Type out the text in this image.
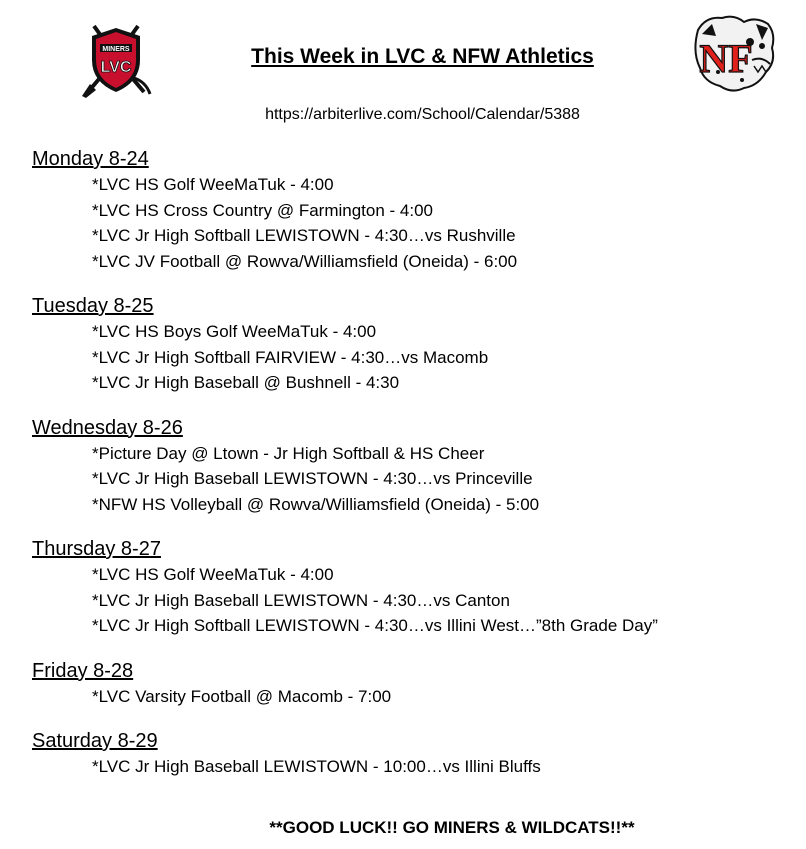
MINERS
LVC	This Week in LVC & NFW Athletics	NF
https://arbiterlive.com/School/Calendar/5388
Monday 8-24
*LVC HS Golf WeeMaTuk - 4:00
*LVC HS Cross Country @ Farmington - 4:00
*LVC Jr High Softball LEWISTOWN - 4:30…vs Rushville
*LVC JV Football @ Rowva/Williamsfield (Oneida) - 6:00
Tuesday 8-25
*LVC HS Boys Golf WeeMaTuk - 4:00
*LVC Jr High Softball FAIRVIEW - 4:30…vs Macomb
*LVC Jr High Baseball @ Bushnell - 4:30
Wednesday 8-26
*Picture Day @ Ltown - Jr High Softball & HS Cheer
*LVC Jr High Baseball LEWISTOWN - 4:30…vs Princeville
*NFW HS Volleyball @ Rowva/Williamsfield (Oneida) - 5:00
Thursday 8-27
*LVC HS Golf WeeMaTuk - 4:00
*LVC Jr High Baseball LEWISTOWN - 4:30…vs Canton
*LVC Jr High Softball LEWISTOWN - 4:30…vs Illini West…”8th Grade Day”
Friday 8-28
*LVC Varsity Football @ Macomb - 7:00
Saturday 8-29
*LVC Jr High Baseball LEWISTOWN - 10:00…vs Illini Bluffs
**GOOD LUCK!! GO MINERS & WILDCATS!!**
